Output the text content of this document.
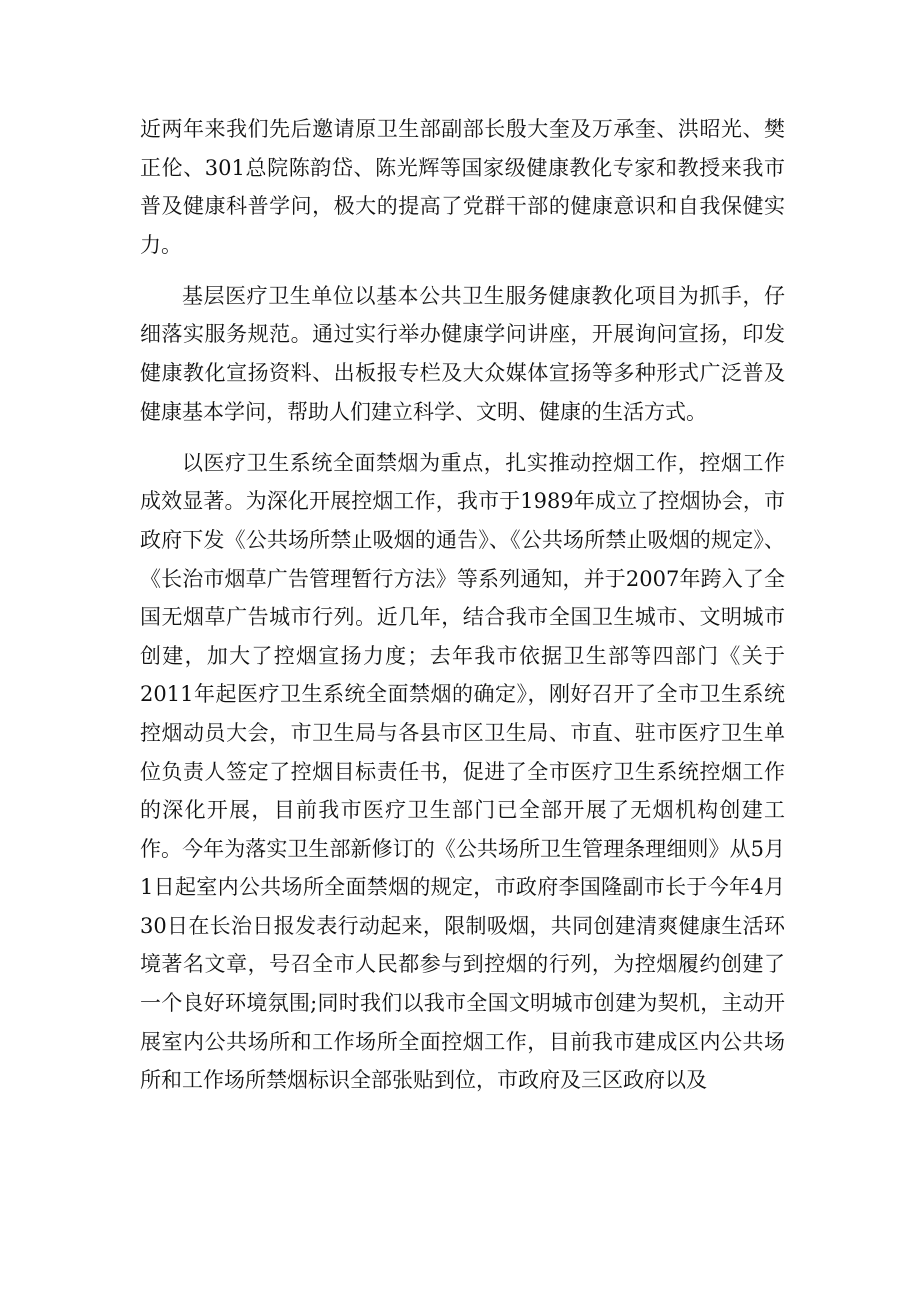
近两年来我们先后邀请原卫生部副部长殷大奎及万承奎、洪昭光、樊正伦、301总院陈韵岱、陈光辉等国家级健康教化专家和教授来我市普及健康科普学问，极大的提高了党群干部的健康意识和自我保健实力。

基层医疗卫生单位以基本公共卫生服务健康教化项目为抓手，仔细落实服务规范。通过实行举办健康学问讲座，开展询问宣扬，印发健康教化宣扬资料、出板报专栏及大众媒体宣扬等多种形式广泛普及健康基本学问，帮助人们建立科学、文明、健康的生活方式。

以医疗卫生系统全面禁烟为重点，扎实推动控烟工作，控烟工作成效显著。为深化开展控烟工作，我市于1989年成立了控烟协会，市政府下发《公共场所禁止吸烟的通告》、《公共场所禁止吸烟的规定》、《长治市烟草广告管理暂行方法》等系列通知，并于2007年跨入了全国无烟草广告城市行列。近几年，结合我市全国卫生城市、文明城市创建，加大了控烟宣扬力度；去年我市依据卫生部等四部门《关于2011年起医疗卫生系统全面禁烟的确定》，刚好召开了全市卫生系统控烟动员大会，市卫生局与各县市区卫生局、市直、驻市医疗卫生单位负责人签定了控烟目标责任书，促进了全市医疗卫生系统控烟工作的深化开展，目前我市医疗卫生部门已全部开展了无烟机构创建工作。今年为落实卫生部新修订的《公共场所卫生管理条理细则》从5月1日起室内公共场所全面禁烟的规定，市政府李国隆副市长于今年4月30日在长治日报发表行动起来，限制吸烟，共同创建清爽健康生活环境著名文章，号召全市人民都参与到控烟的行列，为控烟履约创建了一个良好环境氛围;同时我们以我市全国文明城市创建为契机，主动开展室内公共场所和工作场所全面控烟工作，目前我市建成区内公共场所和工作场所禁烟标识全部张贴到位，市政府及三区政府以及
